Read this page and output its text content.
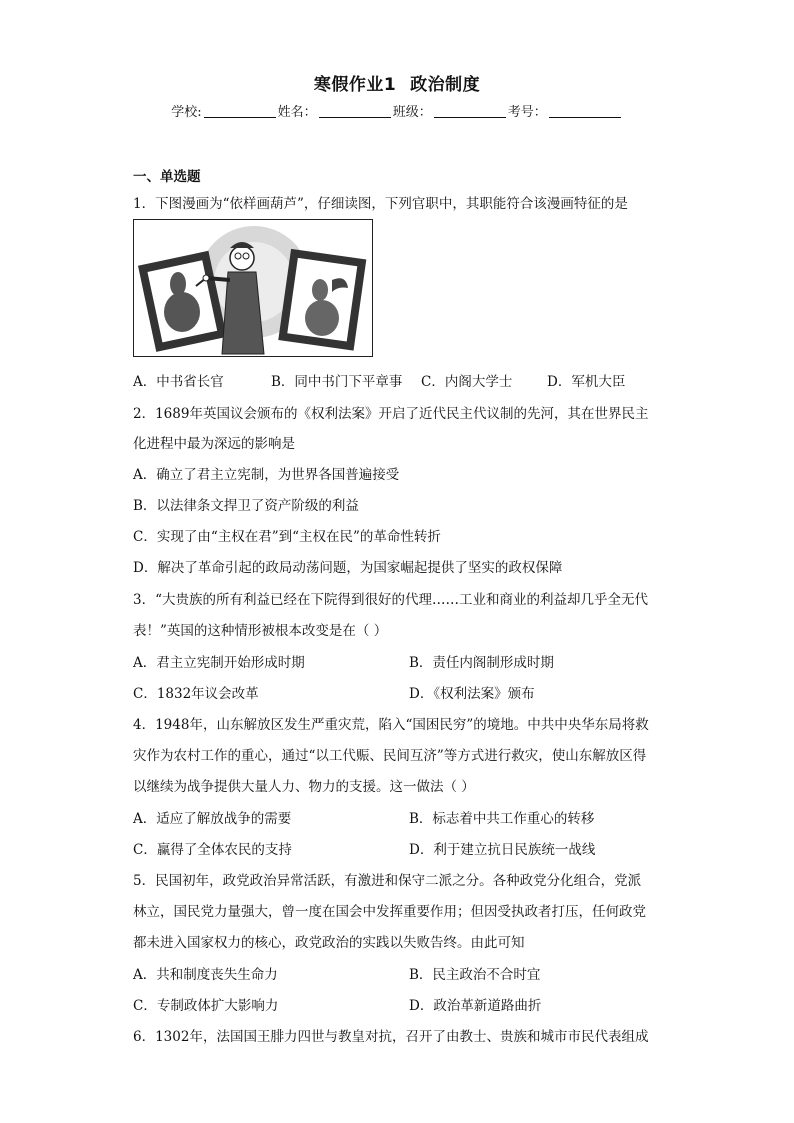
寒假作业1 政治制度
学校:	姓名：	班级：	考号：
一、单选题
1．下图漫画为“依样画葫芦”，仔细读图，下列官职中，其职能符合该漫画特征的是
A．中书省长官	B．同中书门下平章事 C．内阁大学士	D．军机大臣
2．1689年英国议会颁布的《权利法案》开启了近代民主代议制的先河，其在世界民主
化进程中最为深远的影响是
A．确立了君主立宪制，为世界各国普遍接受
B．以法律条文捍卫了资产阶级的利益
C．实现了由“主权在君”到“主权在民”的革命性转折
D．解决了革命引起的政局动荡问题，为国家崛起提供了坚实的政权保障
3．“大贵族的所有利益已经在下院得到很好的代理……工业和商业的利益却几乎全无代
表！”英国的这种情形被根本改变是在（ ）
A．君主立宪制开始形成时期	B．责任内阁制形成时期
C．1832年议会改革	D．《权利法案》颁布
4．1948年，山东解放区发生严重灾荒，陷入“国困民穷”的境地。中共中央华东局将救
灾作为农村工作的重心，通过“以工代赈、民间互济”等方式进行救灾，使山东解放区得
以继续为战争提供大量人力、物力的支援。这一做法（ ）
A．适应了解放战争的需要	B．标志着中共工作重心的转移
C．赢得了全体农民的支持	D．利于建立抗日民族统一战线
5．民国初年，政党政治异常活跃，有激进和保守二派之分。各种政党分化组合，党派
林立，国民党力量强大，曾一度在国会中发挥重要作用；但因受执政者打压，任何政党
都未进入国家权力的核心，政党政治的实践以失败告终。由此可知
A．共和制度丧失生命力	B．民主政治不合时宜
C．专制政体扩大影响力	D．政治革新道路曲折
6．1302年，法国国王腓力四世与教皇对抗，召开了由教士、贵族和城市市民代表组成
